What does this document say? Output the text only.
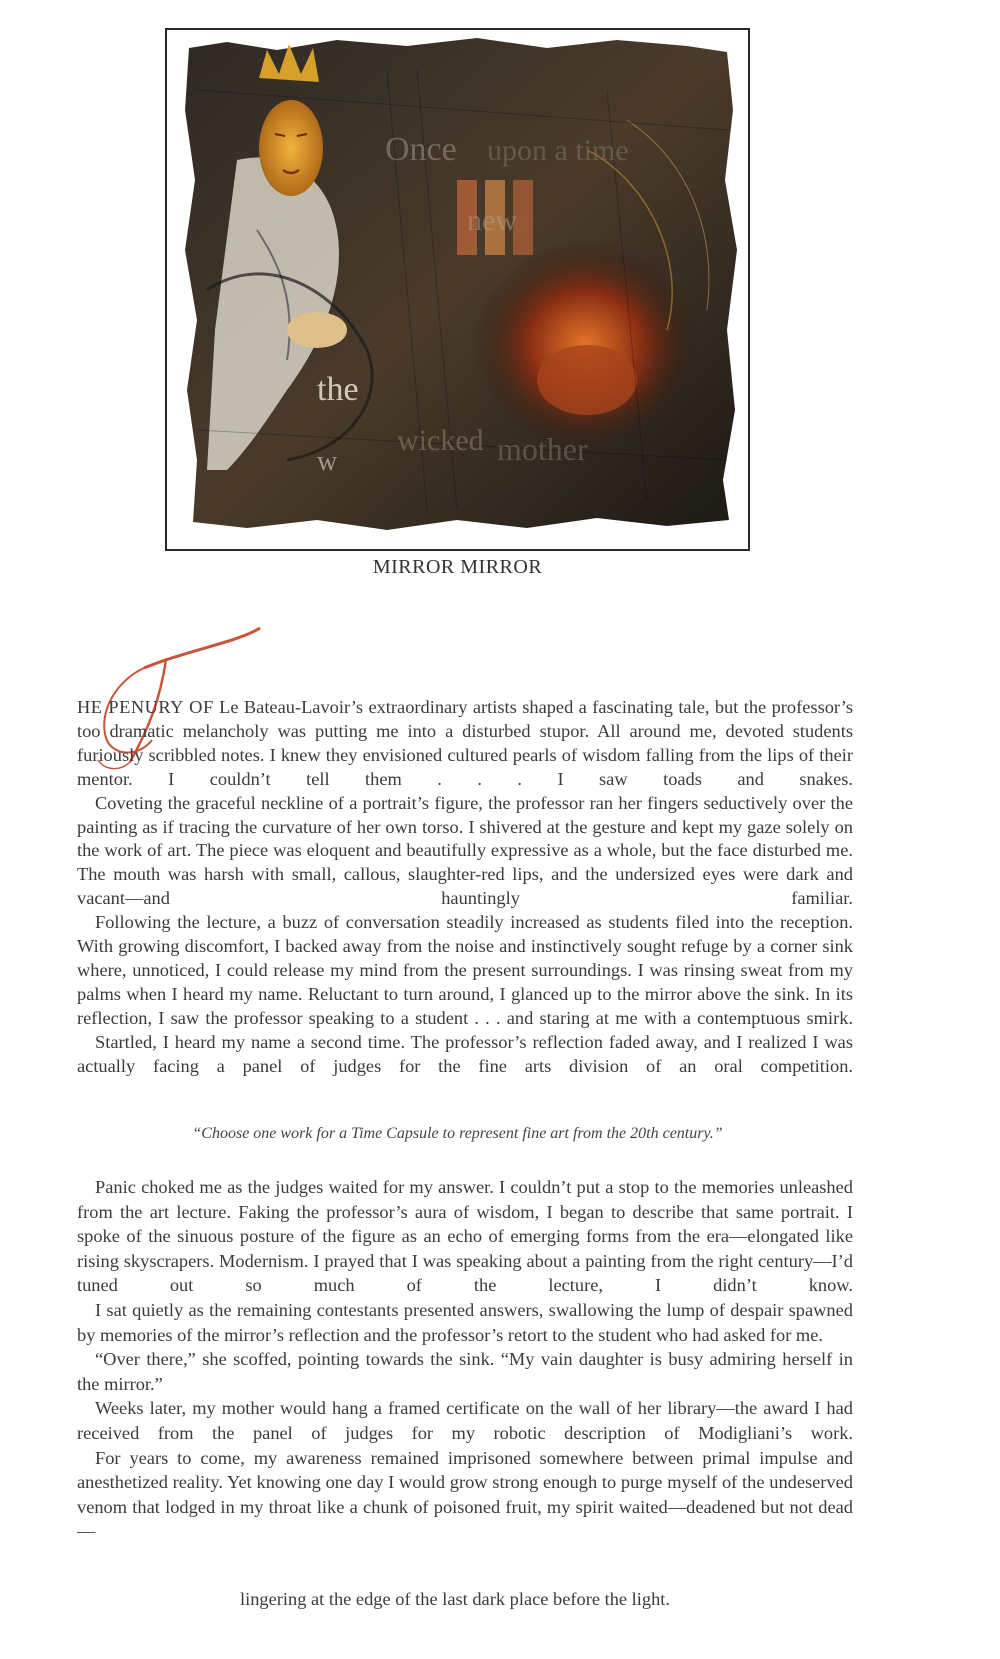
Once upon a time
new
the
wicked mother
w
MIRROR MIRROR
T

HE PENURY OF Le Bateau-Lavoir’s extraordinary artists shaped a fascinating tale, but the professor’s too dramatic melancholy was putting me into a disturbed stupor. All around me, devoted students furiously scribbled notes. I knew they envisioned cultured pearls of wisdom falling from the lips of their mentor. I couldn’t tell them . . . I saw toads and snakes.

Coveting the graceful neckline of a portrait’s figure, the professor ran her fingers seductively over the painting as if tracing the curvature of her own torso. I shivered at the gesture and kept my gaze solely on the work of art. The piece was eloquent and beautifully expressive as a whole, but the face disturbed me. The mouth was harsh with small, callous, slaughter-red lips, and the undersized eyes were dark and vacant—and hauntingly familiar.

Following the lecture, a buzz of conversation steadily increased as students filed into the reception. With growing discomfort, I backed away from the noise and instinctively sought refuge by a corner sink where, unnoticed, I could release my mind from the present surroundings. I was rinsing sweat from my palms when I heard my name. Reluctant to turn around, I glanced up to the mirror above the sink. In its reflection, I saw the professor speaking to a student . . . and staring at me with a contemptuous smirk.

Startled, I heard my name a second time. The professor’s reflection faded away, and I realized I was actually facing a panel of judges for the fine arts division of an oral competition.

“Choose one work for a Time Capsule to represent fine art from the 20th century.”

Panic choked me as the judges waited for my answer. I couldn’t put a stop to the memories unleashed from the art lecture. Faking the professor’s aura of wisdom, I began to describe that same portrait. I spoke of the sinuous posture of the figure as an echo of emerging forms from the era—elongated like rising skyscrapers. Modernism. I prayed that I was speaking about a painting from the right century—I’d tuned out so much of the lecture, I didn’t know.

I sat quietly as the remaining contestants presented answers, swallowing the lump of despair spawned by memories of the mirror’s reflection and the professor’s retort to the student who had asked for me.

“Over there,” she scoffed, pointing towards the sink. “My vain daughter is busy admiring herself in the mirror.”

Weeks later, my mother would hang a framed certificate on the wall of her library—the award I had received from the panel of judges for my robotic description of Modigliani’s work.

For years to come, my awareness remained imprisoned somewhere between primal impulse and anesthetized reality. Yet knowing one day I would grow strong enough to purge myself of the undeserved venom that lodged in my throat like a chunk of poisoned fruit, my spirit waited—deadened but not dead—

lingering at the edge of the last dark place before the light.
